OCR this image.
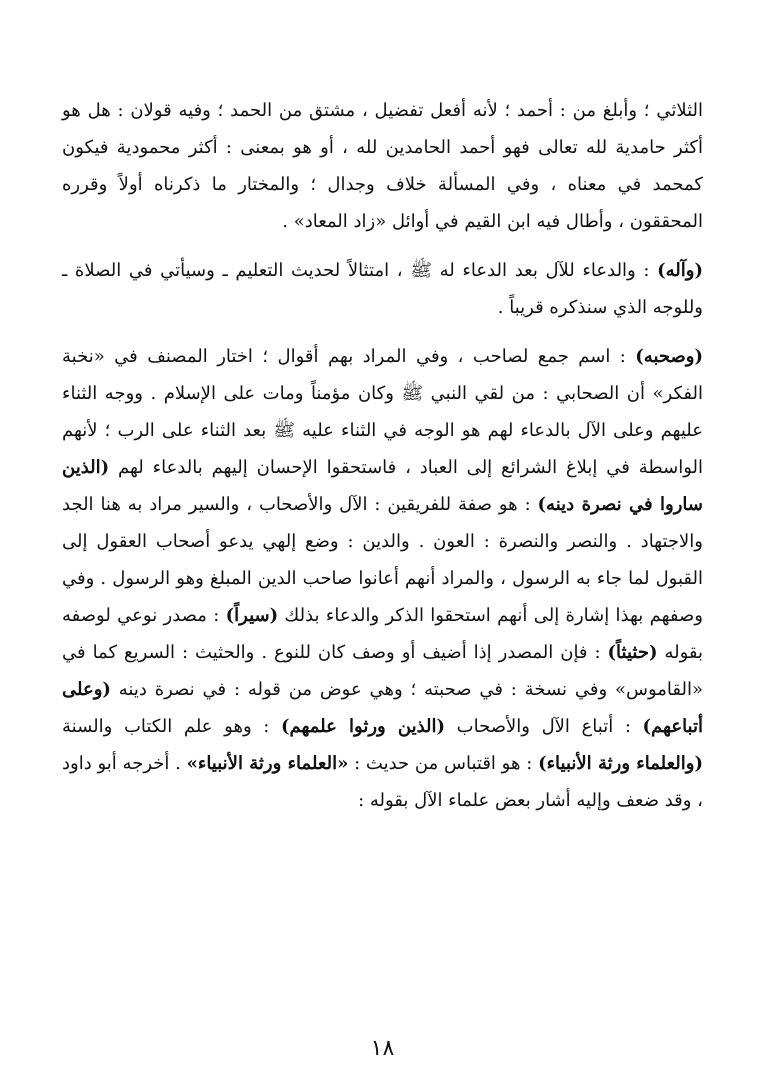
الثلاثي ؛ وأبلغ من : أحمد ؛ لأنه أفعل تفضيل ، مشتق من الحمد ؛ وفيه قولان : هل هو أكثر حامدية لله تعالى فهو أحمد الحامدين لله ، أو هو بمعنى : أكثر محمودية فيكون كمحمد في معناه ، وفي المسألة خلاف وجدال ؛ والمختار ما ذكرناه أولاً وقرره المحققون ، وأطال فيه ابن القيم في أوائل «زاد المعاد» .

(وآله) : والدعاء للآل بعد الدعاء له ﷺ ، امتثالاً لحديث التعليم ـ وسيأتي في الصلاة ـ وللوجه الذي سنذكره قريباً .

(وصحبه) : اسم جمع لصاحب ، وفي المراد بهم أقوال ؛ اختار المصنف في «نخبة الفكر» أن الصحابي : من لقي النبي ﷺ وكان مؤمناً ومات على الإسلام . ووجه الثناء عليهم وعلى الآل بالدعاء لهم هو الوجه في الثناء عليه ﷺ بعد الثناء على الرب ؛ لأنهم الواسطة في إبلاغ الشرائع إلى العباد ، فاستحقوا الإحسان إليهم بالدعاء لهم (الذين ساروا في نصرة دينه) : هو صفة للفريقين : الآل والأصحاب ، والسير مراد به هنا الجد والاجتهاد . والنصر والنصرة : العون . والدين : وضع إلهي يدعو أصحاب العقول إلى القبول لما جاء به الرسول ، والمراد أنهم أعانوا صاحب الدين المبلغ وهو الرسول . وفي وصفهم بهذا إشارة إلى أنهم استحقوا الذكر والدعاء بذلك (سيراً) : مصدر نوعي لوصفه بقوله (حثيثاً) : فإن المصدر إذا أضيف أو وصف كان للنوع . والحثيث : السريع كما في «القاموس» وفي نسخة : في صحبته ؛ وهي عوض من قوله : في نصرة دينه (وعلى أتباعهم) : أتباع الآل والأصحاب (الذين ورثوا علمهم) : وهو علم الكتاب والسنة (والعلماء ورثة الأنبياء) : هو اقتباس من حديث : «العلماء ورثة الأنبياء» . أخرجه أبو داود ، وقد ضعف وإليه أشار بعض علماء الآل بقوله :

١٨
